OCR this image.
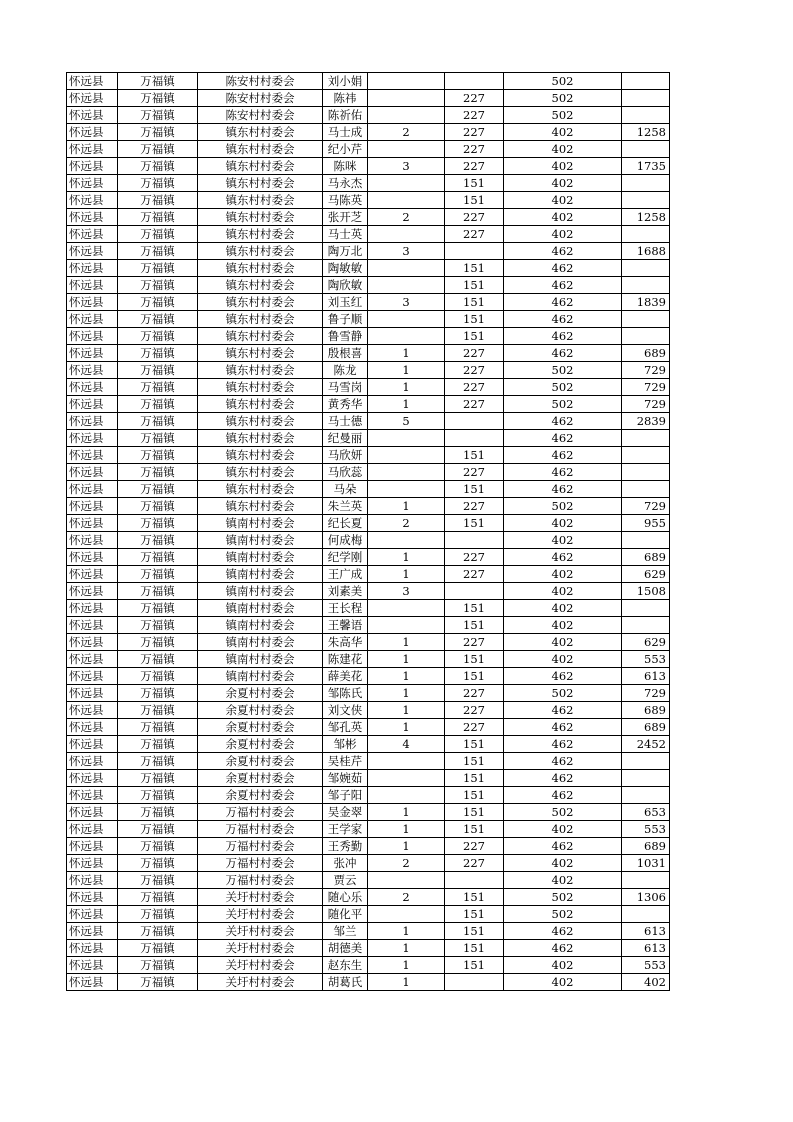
怀远县	万福镇	陈安村村委会	刘小娟			502	
怀远县	万福镇	陈安村村委会	陈祎		227	502	
怀远县	万福镇	陈安村村委会	陈祈佑		227	502	
怀远县	万福镇	镇东村村委会	马士成	2	227	402	1258
怀远县	万福镇	镇东村村委会	纪小芹		227	402	
怀远县	万福镇	镇东村村委会	陈咪	3	227	402	1735
怀远县	万福镇	镇东村村委会	马永杰		151	402	
怀远县	万福镇	镇东村村委会	马陈英		151	402	
怀远县	万福镇	镇东村村委会	张开芝	2	227	402	1258
怀远县	万福镇	镇东村村委会	马士英		227	402	
怀远县	万福镇	镇东村村委会	陶万北	3		462	1688
怀远县	万福镇	镇东村村委会	陶敏敏		151	462	
怀远县	万福镇	镇东村村委会	陶欣敏		151	462	
怀远县	万福镇	镇东村村委会	刘玉红	3	151	462	1839
怀远县	万福镇	镇东村村委会	鲁子顺		151	462	
怀远县	万福镇	镇东村村委会	鲁雪静		151	462	
怀远县	万福镇	镇东村村委会	殷根喜	1	227	462	689
怀远县	万福镇	镇东村村委会	陈龙	1	227	502	729
怀远县	万福镇	镇东村村委会	马雪岗	1	227	502	729
怀远县	万福镇	镇东村村委会	黄秀华	1	227	502	729
怀远县	万福镇	镇东村村委会	马士德	5		462	2839
怀远县	万福镇	镇东村村委会	纪曼丽			462	
怀远县	万福镇	镇东村村委会	马欣妍		151	462	
怀远县	万福镇	镇东村村委会	马欣蕊		227	462	
怀远县	万福镇	镇东村村委会	马朵		151	462	
怀远县	万福镇	镇东村村委会	朱兰英	1	227	502	729
怀远县	万福镇	镇南村村委会	纪长夏	2	151	402	955
怀远县	万福镇	镇南村村委会	何成梅			402	
怀远县	万福镇	镇南村村委会	纪学刚	1	227	462	689
怀远县	万福镇	镇南村村委会	王广成	1	227	402	629
怀远县	万福镇	镇南村村委会	刘素美	3		402	1508
怀远县	万福镇	镇南村村委会	王长程		151	402	
怀远县	万福镇	镇南村村委会	王馨语		151	402	
怀远县	万福镇	镇南村村委会	朱高华	1	227	402	629
怀远县	万福镇	镇南村村委会	陈建花	1	151	402	553
怀远县	万福镇	镇南村村委会	薛美花	1	151	462	613
怀远县	万福镇	余夏村村委会	邹陈氏	1	227	502	729
怀远县	万福镇	余夏村村委会	刘文侠	1	227	462	689
怀远县	万福镇	余夏村村委会	邹孔英	1	227	462	689
怀远县	万福镇	余夏村村委会	邹彬	4	151	462	2452
怀远县	万福镇	余夏村村委会	吴桂芹		151	462	
怀远县	万福镇	余夏村村委会	邹婉茹		151	462	
怀远县	万福镇	余夏村村委会	邹子阳		151	462	
怀远县	万福镇	万福村村委会	吴金翠	1	151	502	653
怀远县	万福镇	万福村村委会	王学家	1	151	402	553
怀远县	万福镇	万福村村委会	王秀勤	1	227	462	689
怀远县	万福镇	万福村村委会	张冲	2	227	402	1031
怀远县	万福镇	万福村村委会	贾云			402	
怀远县	万福镇	关圩村村委会	随心乐	2	151	502	1306
怀远县	万福镇	关圩村村委会	随化平		151	502	
怀远县	万福镇	关圩村村委会	邹兰	1	151	462	613
怀远县	万福镇	关圩村村委会	胡德美	1	151	462	613
怀远县	万福镇	关圩村村委会	赵东生	1	151	402	553
怀远县	万福镇	关圩村村委会	胡葛氏	1		402	402
